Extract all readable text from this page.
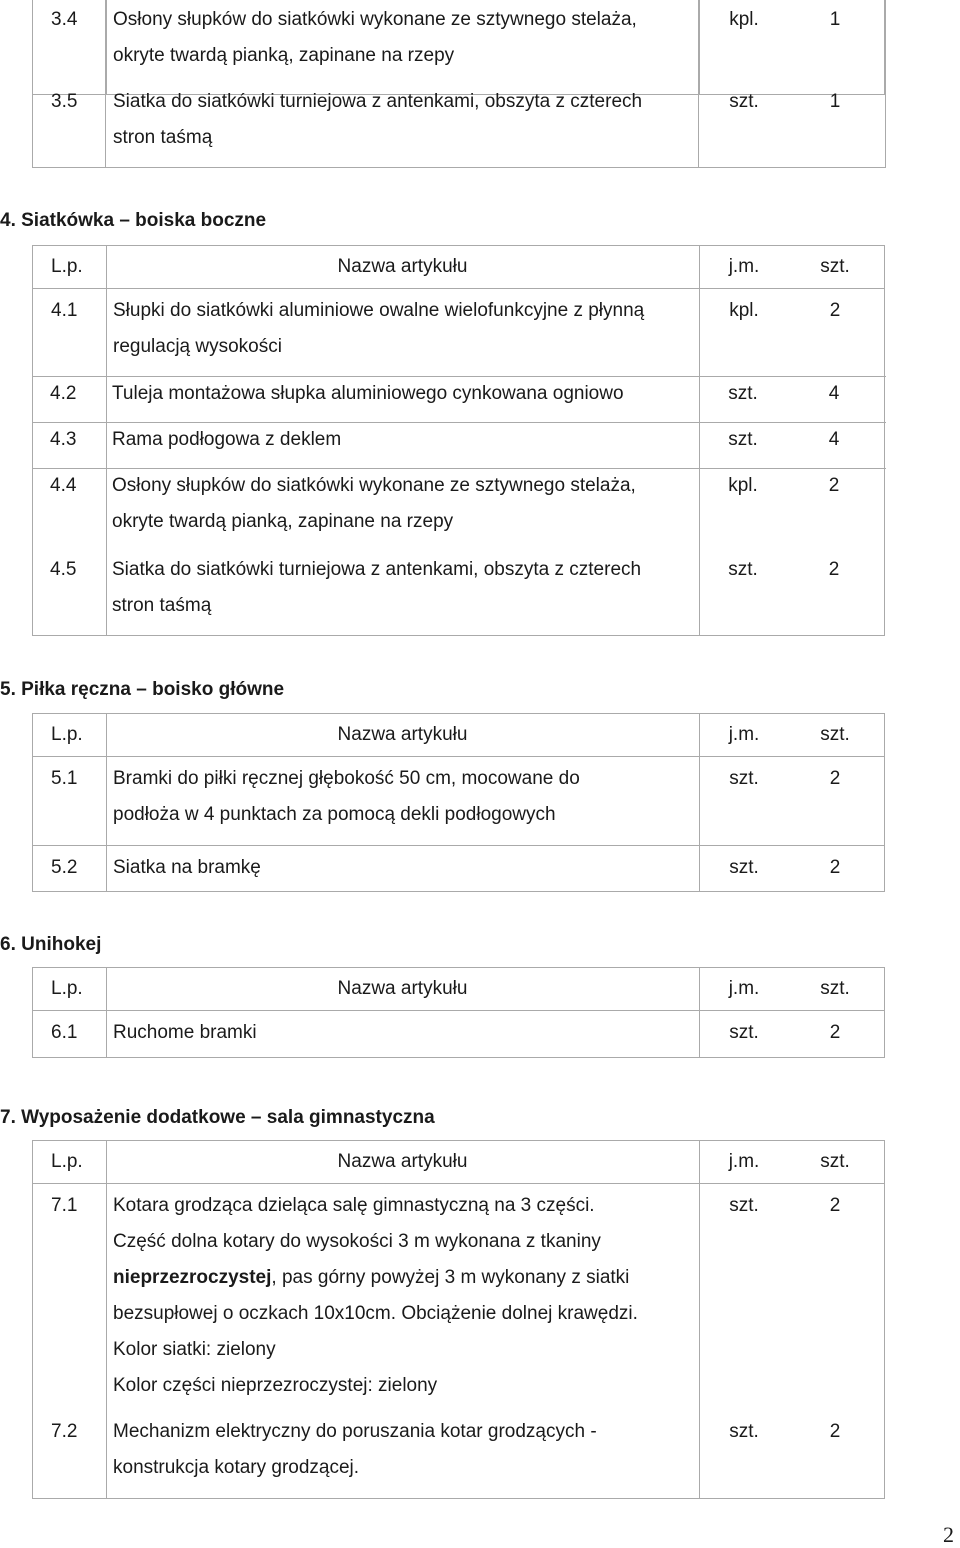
3.4 Osłony słupków do siatkówki wykonane ze sztywnego stelaża,
okryte twardą pianką, zapinane na rzepy
kpl.	1
3.5 Siatka do siatkówki turniejowa z antenkami, obszyta z czterech
stron taśmą
szt.	1
4. Siatkówka – boiska boczne
L.p.	Nazwa artykułu	j.m.	szt.
4.1 Słupki do siatkówki aluminiowe owalne wielofunkcyjne z płynną
regulacją wysokości
kpl.	2
4.2 Tuleja montażowa słupka aluminiowego cynkowana ogniowo	szt.	4
4.3 Rama podłogowa z deklem	szt.	4
4.4 Osłony słupków do siatkówki wykonane ze sztywnego stelaża,
okryte twardą pianką, zapinane na rzepy
kpl.	2
4.5 Siatka do siatkówki turniejowa z antenkami, obszyta z czterech
stron taśmą
szt.	2
5. Piłka ręczna – boisko główne
L.p.	Nazwa artykułu	j.m.	szt.
5.1 Bramki do piłki ręcznej głębokość 50 cm, mocowane do
podłoża w 4 punktach za pomocą dekli podłogowych
szt.	2
5.2 Siatka na bramkę	szt.	2
6. Unihokej
L.p.	Nazwa artykułu	j.m.	szt.
6.1 Ruchome bramki	szt.	2
7. Wyposażenie dodatkowe – sala gimnastyczna
L.p.	Nazwa artykułu	j.m.	szt.
7.1 Kotara grodząca dzieląca salę gimnastyczną na 3 części.
Część dolna kotary do wysokości 3 m wykonana z tkaniny
nieprzezroczystej, pas górny powyżej 3 m wykonany z siatki
bezsupłowej o oczkach 10x10cm. Obciążenie dolnej krawędzi.
Kolor siatki: zielony
Kolor części nieprzezroczystej: zielony
szt.	2
7.2 Mechanizm elektryczny do poruszania kotar grodzących -
konstrukcja kotary grodzącej.
szt.	2
2
